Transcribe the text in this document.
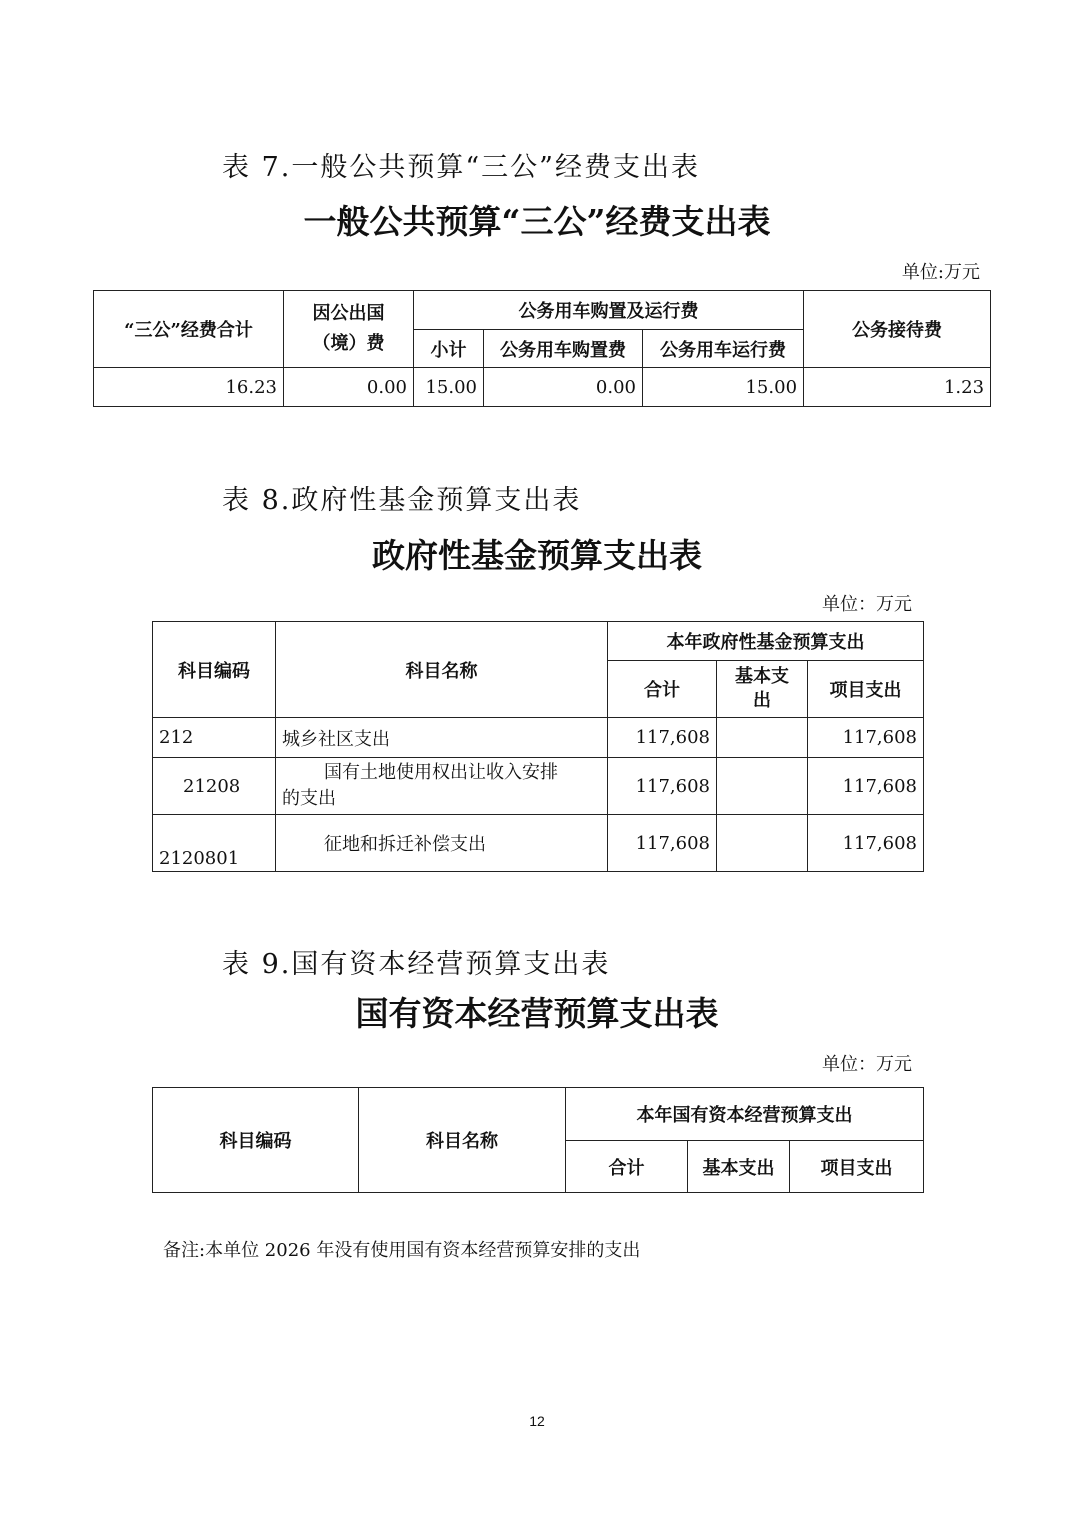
表 7.一般公共预算“三公”经费支出表
一般公共预算“三公”经费支出表
单位:万元
“三公”经费合计	因公出国
（境）费	公务用车购置及运行费			公务接待费
		小计	公务用车购置费	公务用车运行费	
16.23	0.00	15.00	0.00	15.00	1.23
表 8.政府性基金预算支出表
政府性基金预算支出表
单位：万元
科目编码	科目名称	本年政府性基金预算支出		
		合计	基本支
出	项目支出
212	城乡社区支出	117,608		117,608
21208	国有土地使用权出让收入安排
的支出	117,608		117,608
2120801	征地和拆迁补偿支出	117,608		117,608
表 9.国有资本经营预算支出表
国有资本经营预算支出表
单位：万元
科目编码	科目名称	本年国有资本经营预算支出		
		合计	基本支出	项目支出
备注:本单位 2026 年没有使用国有资本经营预算安排的支出
12
